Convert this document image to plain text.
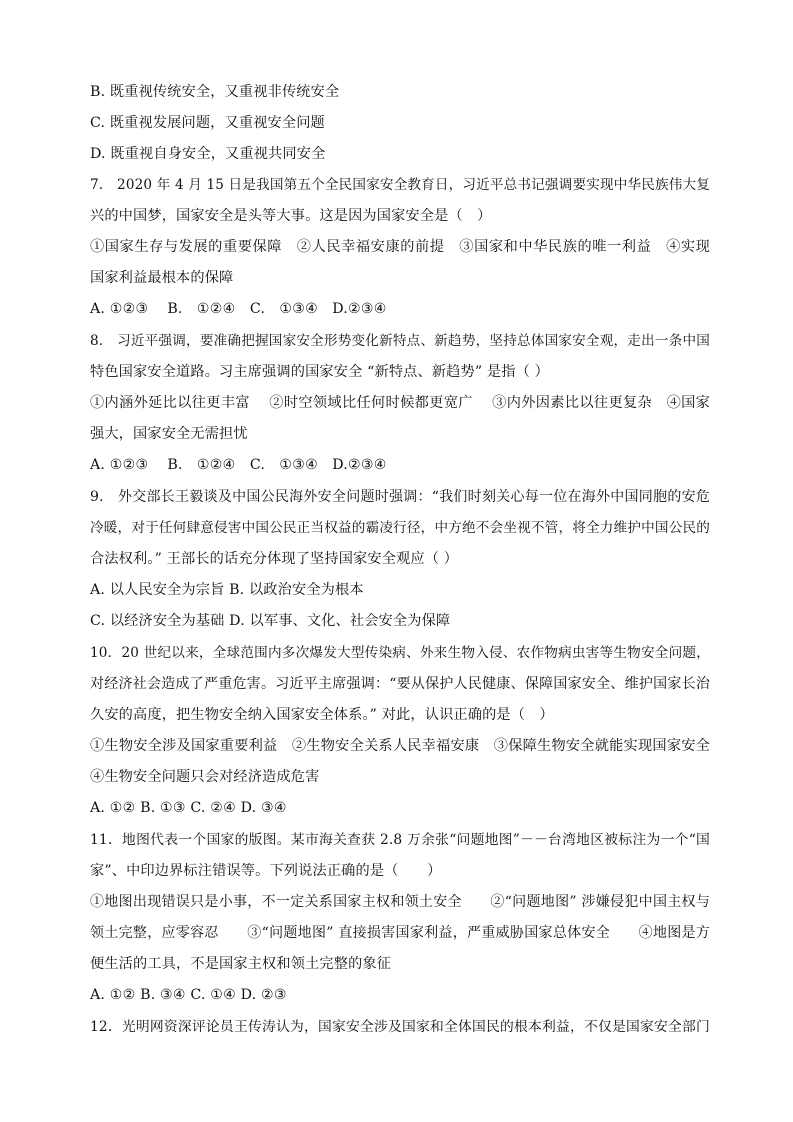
B. 既重视传统安全，又重视非传统安全
C. 既重视发展问题，又重视安全问题
D. 既重视自身安全，又重视共同安全
7.　2020 年 4 月 15 日是我国第五个全民国家安全教育日，习近平总书记强调要实现中华民族伟大复
兴的中国梦，国家安全是头等大事。这是因为国家安全是（　）
①国家生存与发展的重要保障　②人民幸福安康的前提　③国家和中华民族的唯一利益　④实现
国家利益最根本的保障
A. ①②③　 B.　①②④　C.　①③④　D.②③④
8.　习近平强调，要准确把握国家安全形势变化新特点、新趋势，坚持总体国家安全观，走出一条中国
特色国家安全道路。习主席强调的国家安全 “新特点、新趋势” 是指（ ）
①内涵外延比以往更丰富　 ②时空领域比任何时候都更宽广　 ③内外因素比以往更复杂　④国家
强大，国家安全无需担忧
A. ①②③　 B.　①②④　C.　①③④　D.②③④
9.　外交部长王毅谈及中国公民海外安全问题时强调：“我们时刻关心每一位在海外中国同胞的安危
冷暖，对于任何肆意侵害中国公民正当权益的霸凌行径，中方绝不会坐视不管，将全力维护中国公民的
合法权利。” 王部长的话充分体现了坚持国家安全观应（ ）
A. 以人民安全为宗旨 B. 以政治安全为根本
C. 以经济安全为基础 D. 以军事、文化、社会安全为保障
10．20 世纪以来，全球范围内多次爆发大型传染病、外来生物入侵、农作物病虫害等生物安全问题，
对经济社会造成了严重危害。习近平主席强调：“要从保护人民健康、保障国家安全、维护国家长治
久安的高度，把生物安全纳入国家安全体系。” 对此，认识正确的是（　）
①生物安全涉及国家重要利益　②生物安全关系人民幸福安康　③保障生物安全就能实现国家安全
④生物安全问题只会对经济造成危害
A. ①② B. ①③ C. ②④ D. ③④
11．地图代表一个国家的版图。某市海关查获 2.8 万余张“问题地图”－－台湾地区被标注为一个“国
家”、中印边界标注错误等。下列说法正确的是（　　）
①地图出现错误只是小事，不一定关系国家主权和领土安全　　②“问题地图” 涉嫌侵犯中国主权与
领土完整，应零容忍　　③“问题地图” 直接损害国家利益，严重威胁国家总体安全　　④地图是方
便生活的工具，不是国家主权和领土完整的象征
A. ①② B. ③④ C. ①④ D. ②③
12．光明网资深评论员王传涛认为，国家安全涉及国家和全体国民的根本利益，不仅是国家安全部门
